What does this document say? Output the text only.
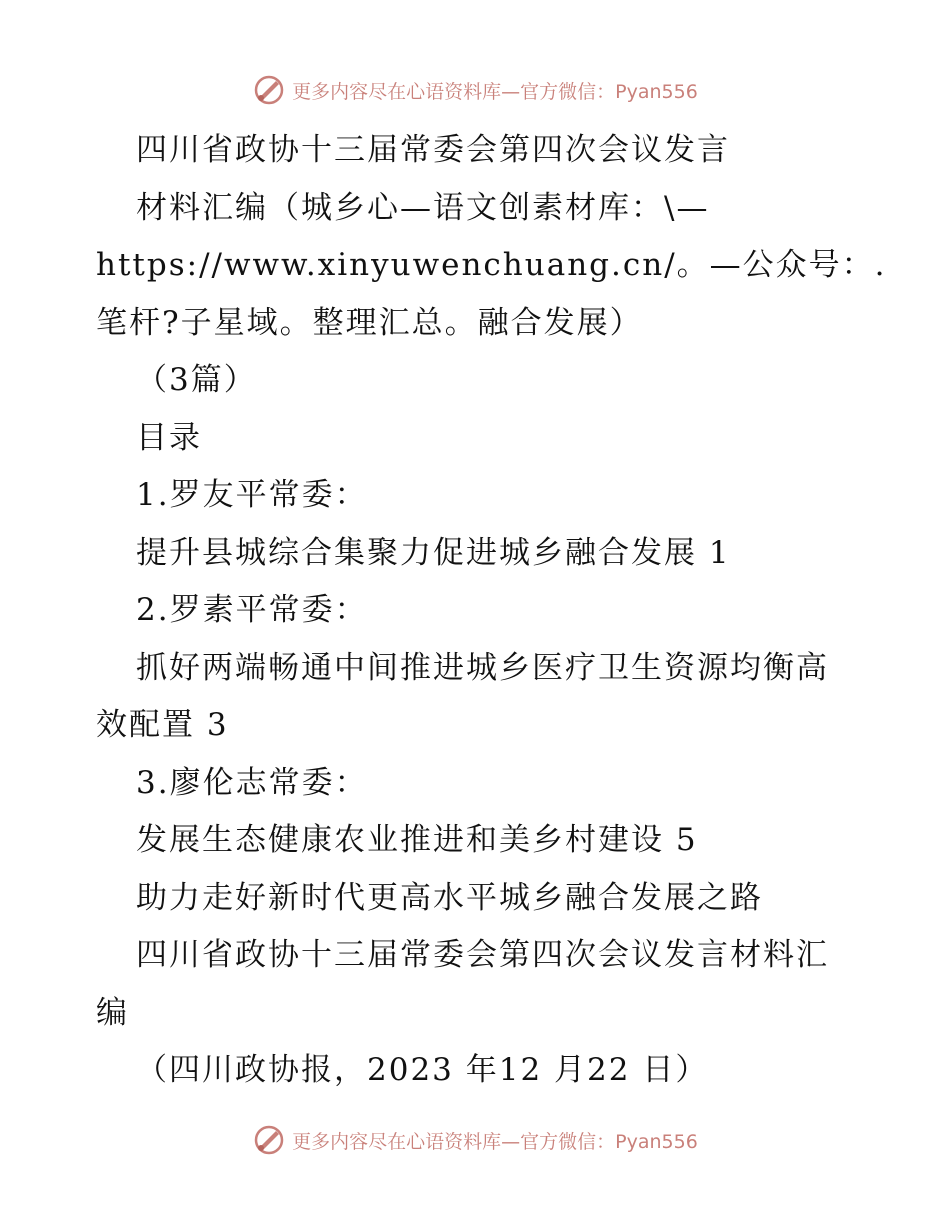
更多内容尽在心语资料库—官方微信：Pyan556
四川省政协十三届常委会第四次会议发言
材料汇编（城乡心—语文创素材库：\—
https://www.xinyuwenchuang.cn/。—公众号：.
笔杆?子星域。整理汇总。融合发展）
（3篇）
目录
1.罗友平常委：
提升县城综合集聚力促进城乡融合发展 1
2.罗素平常委：
抓好两端畅通中间推进城乡医疗卫生资源均衡高
效配置 3
3.廖伦志常委：
发展生态健康农业推进和美乡村建设 5
助力走好新时代更高水平城乡融合发展之路
四川省政协十三届常委会第四次会议发言材料汇
编
（四川政协报，2023 年12 月22 日）
更多内容尽在心语资料库—官方微信：Pyan556
